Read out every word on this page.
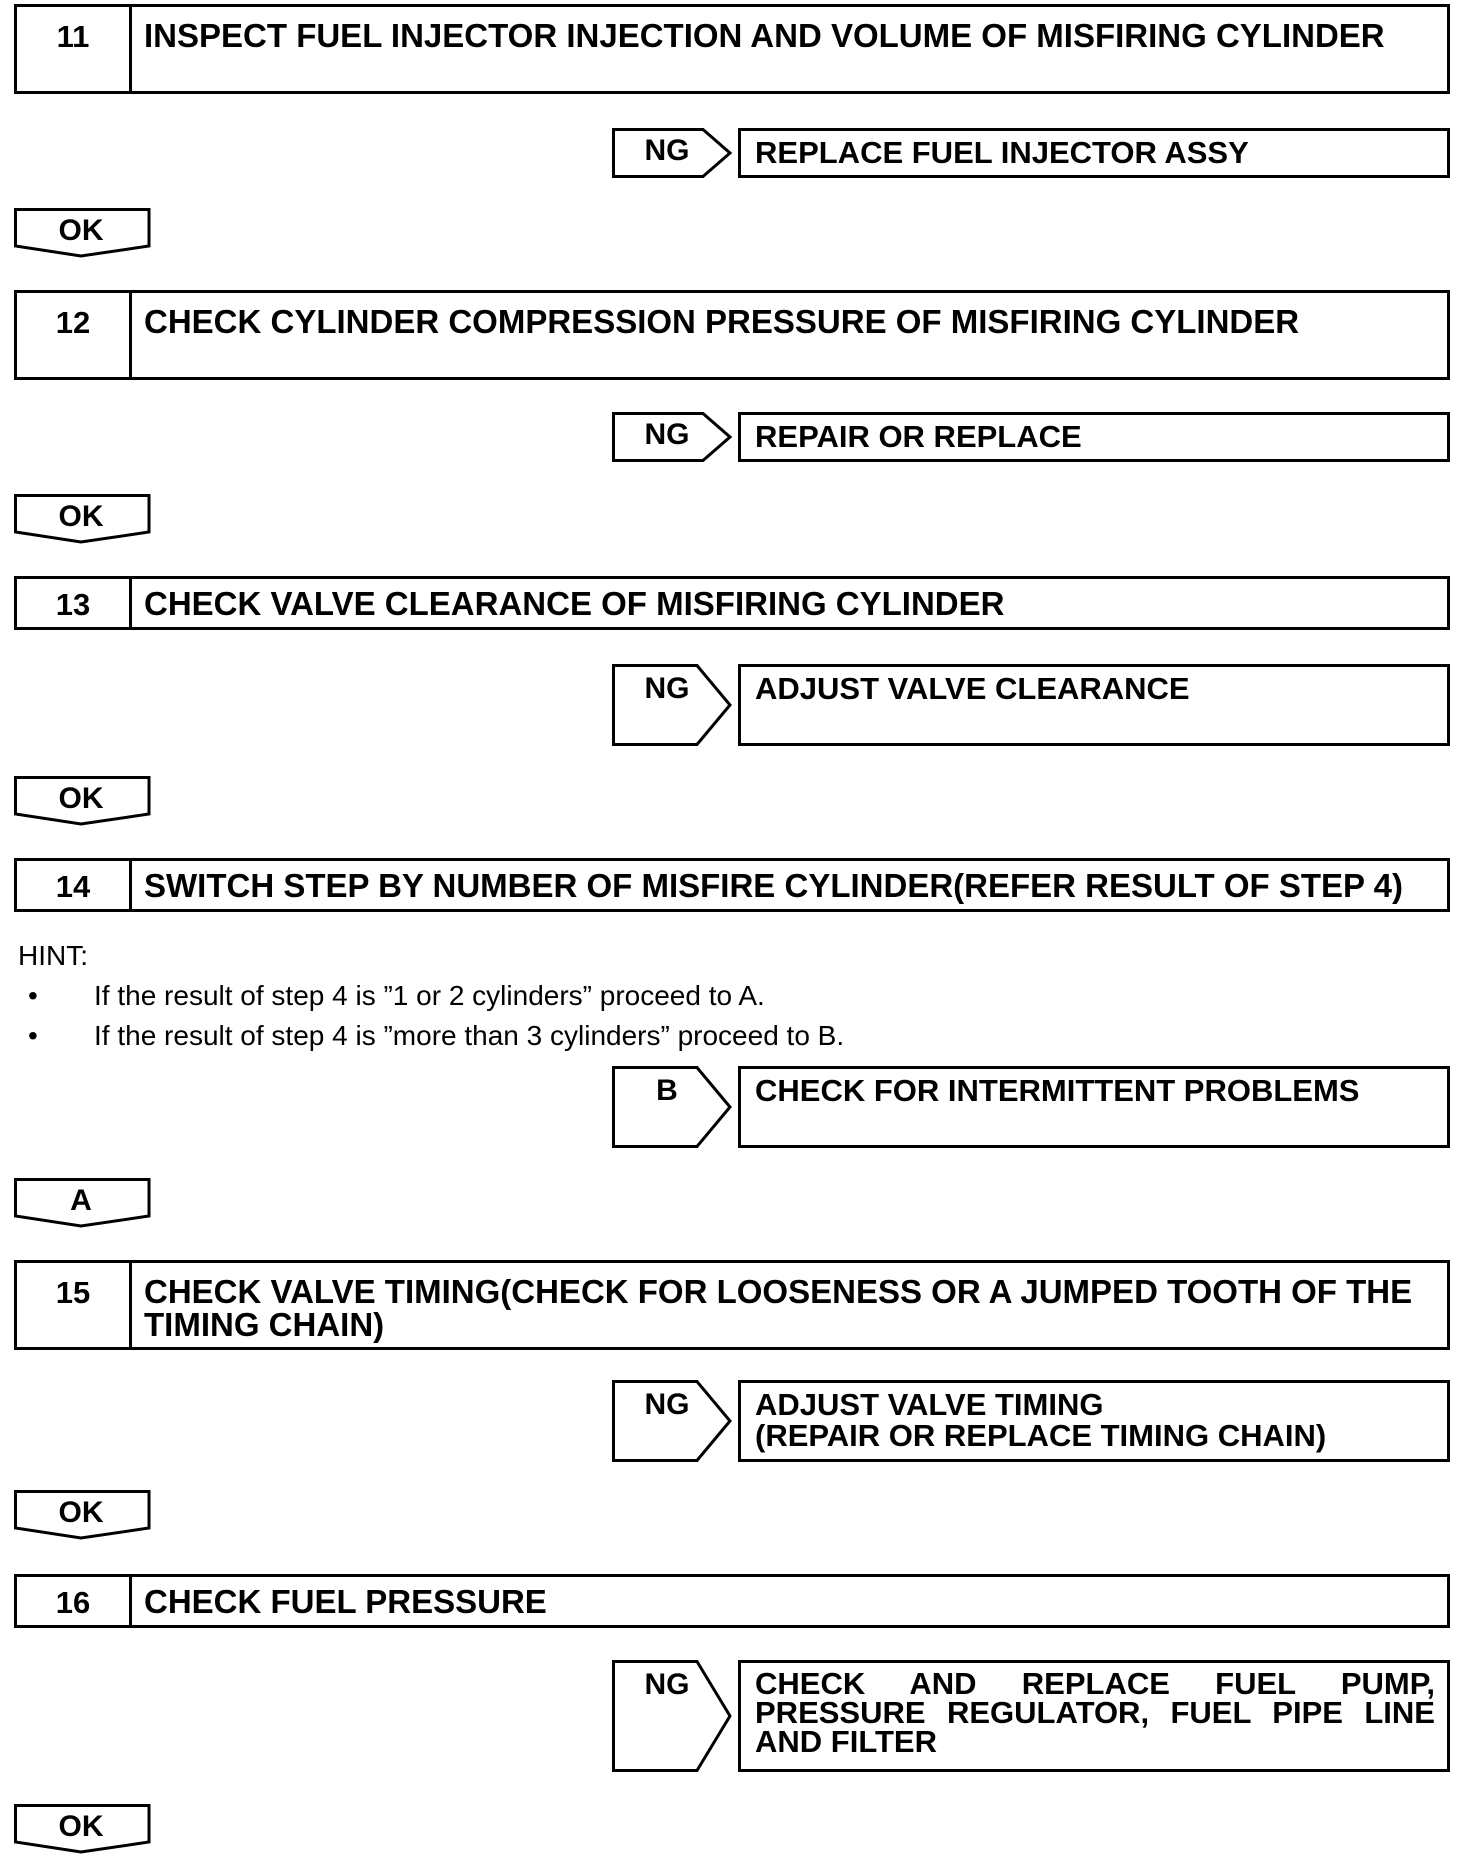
11	INSPECT FUEL INJECTOR INJECTION AND VOLUME OF MISFIRING CYLINDER
NG	REPLACE FUEL INJECTOR ASSY
OK
12	CHECK CYLINDER COMPRESSION PRESSURE OF MISFIRING CYLINDER
NG	REPAIR OR REPLACE
OK
13	CHECK VALVE CLEARANCE OF MISFIRING CYLINDER
NG	ADJUST VALVE CLEARANCE
OK
14	SWITCH STEP BY NUMBER OF MISFIRE CYLINDER(REFER RESULT OF STEP 4)
HINT:
• If the result of step 4 is ”1 or 2 cylinders” proceed to A.
• If the result of step 4 is ”more than 3 cylinders” proceed to B.
B	CHECK FOR INTERMITTENT PROBLEMS
A
15	CHECK VALVE TIMING(CHECK FOR LOOSENESS OR A JUMPED TOOTH OF THE TIMING CHAIN)
NG	ADJUST VALVE TIMING
(REPAIR OR REPLACE TIMING CHAIN)
OK
16	CHECK FUEL PRESSURE
NG	CHECK AND REPLACE FUEL PUMP, PRESSURE REGULATOR, FUEL PIPE LINE AND FILTER
OK
